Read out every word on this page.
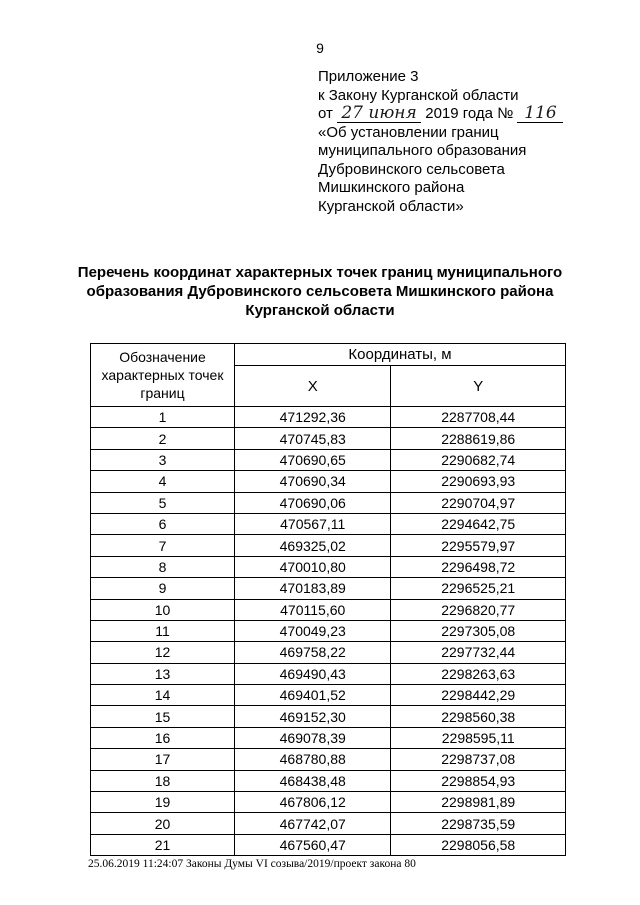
9
Приложение 3
к Закону Курганской области
от 27 июня 2019 года № 116
«Об установлении границ
муниципального образования
Дубровинского сельсовета
Мишкинского района
Курганской области»
Перечень координат характерных точек границ муниципального
образования Дубровинского сельсовета Мишкинского района
Курганской области
Обозначение
характерных точек
границ	Координаты, м	
	X	Y
1	471292,36	2287708,44
2	470745,83	2288619,86
3	470690,65	2290682,74
4	470690,34	2290693,93
5	470690,06	2290704,97
6	470567,11	2294642,75
7	469325,02	2295579,97
8	470010,80	2296498,72
9	470183,89	2296525,21
10	470115,60	2296820,77
11	470049,23	2297305,08
12	469758,22	2297732,44
13	469490,43	2298263,63
14	469401,52	2298442,29
15	469152,30	2298560,38
16	469078,39	2298595,11
17	468780,88	2298737,08
18	468438,48	2298854,93
19	467806,12	2298981,89
20	467742,07	2298735,59
21	467560,47	2298056,58
25.06.2019 11:24:07 Законы Думы VI созыва/2019/проект закона 80
